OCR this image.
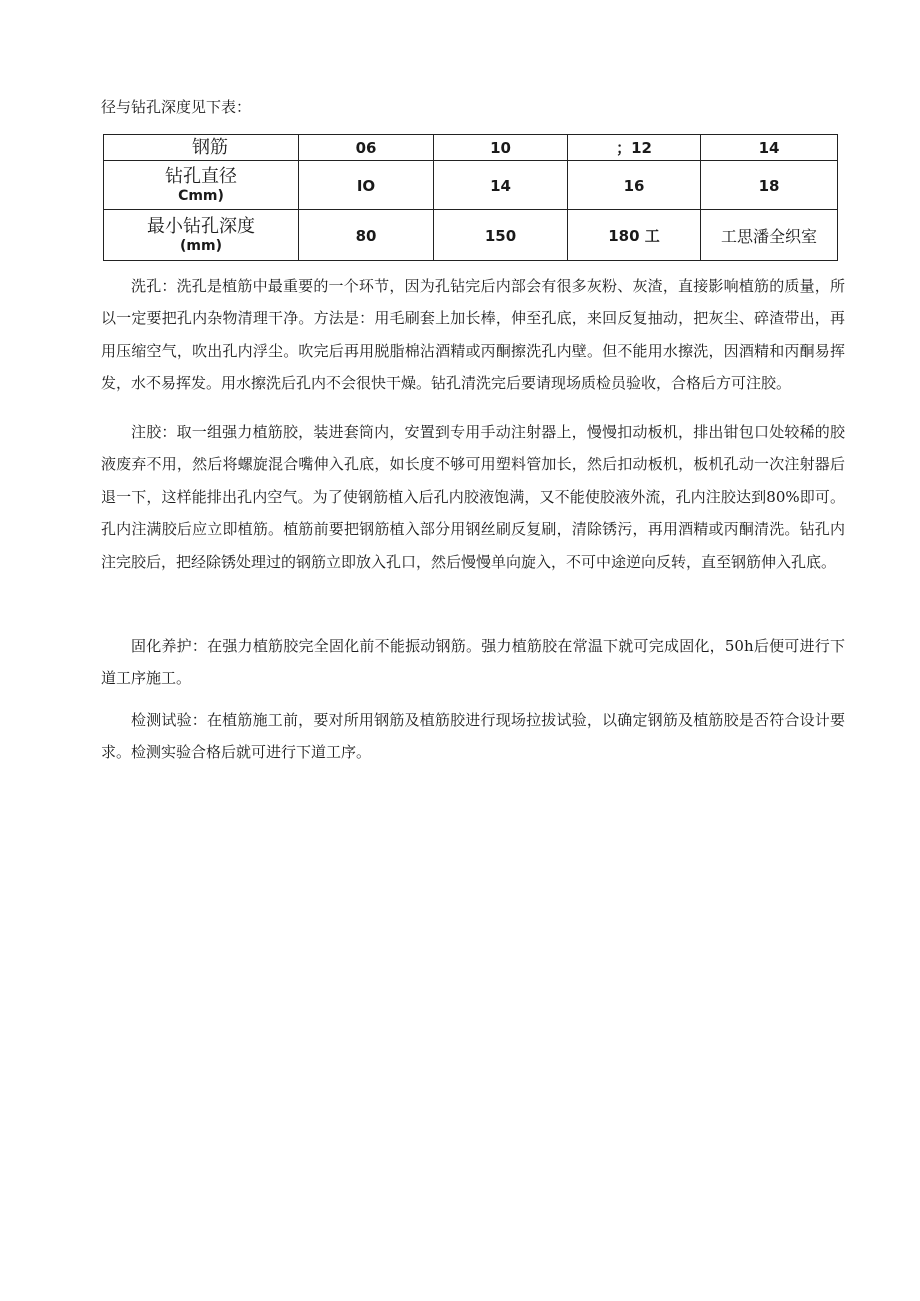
径与钻孔深度见下表：
钢筋	06	10	；12	14

钻孔直径
Cmm)	IO	14	16	18

最小钻孔深度
(mm)	80	150	180 工	工思潘全织室

洗孔：洗孔是植筋中最重要的一个环节，因为孔钻完后内部会有很多灰粉、灰渣，直接影响植筋的质量，所以一定要把孔内杂物清理干净。方法是：用毛刷套上加长棒，伸至孔底，来回反复抽动，把灰尘、碎渣带出，再用压缩空气，吹出孔内浮尘。吹完后再用脱脂棉沾酒精或丙酮擦洗孔内壁。但不能用水擦洗，因酒精和丙酮易挥发，水不易挥发。用水擦洗后孔内不会很快干燥。钻孔清洗完后要请现场质检员验收，合格后方可注胶。

注胶：取一组强力植筋胶，装进套筒内，安置到专用手动注射器上，慢慢扣动板机，排出钳包口处较稀的胶液废弃不用，然后将螺旋混合嘴伸入孔底，如长度不够可用塑料管加长，然后扣动板机，板机孔动一次注射器后退一下，这样能排出孔内空气。为了使钢筋植入后孔内胶液饱满，又不能使胶液外流，孔内注胶达到80%即可。孔内注满胶后应立即植筋。植筋前要把钢筋植入部分用钢丝刷反复刷，清除锈污，再用酒精或丙酮清洗。钻孔内注完胶后，把经除锈处理过的钢筋立即放入孔口，然后慢慢单向旋入，不可中途逆向反转，直至钢筋伸入孔底。

固化养护：在强力植筋胶完全固化前不能振动钢筋。强力植筋胶在常温下就可完成固化，50h后便可进行下道工序施工。

检测试验：在植筋施工前，要对所用钢筋及植筋胶进行现场拉拔试验，以确定钢筋及植筋胶是否符合设计要求。检测实验合格后就可进行下道工序。
